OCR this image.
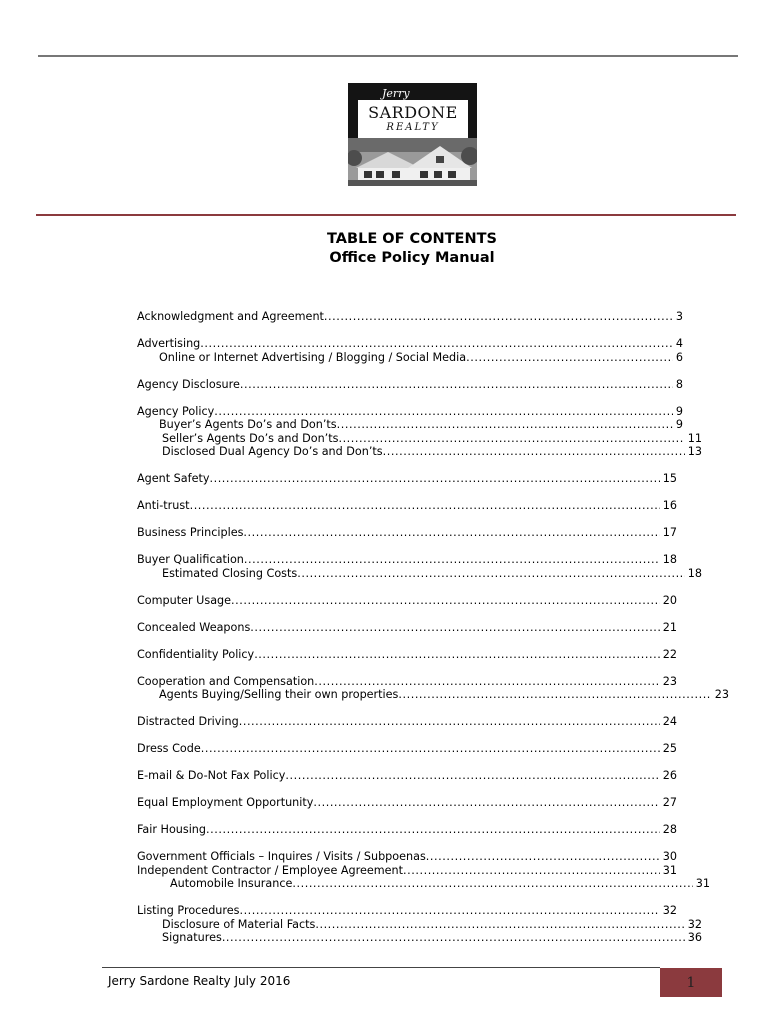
Jerry
SARDONE
REALTY
TABLE OF CONTENTS
Office Policy Manual
Acknowledgment and Agreement . . .	3
Advertising . . .	4
Online or Internet Advertising / Blogging / Social Media . . .	6
Agency Disclosure . . .	8
Agency Policy . . .	9
Buyer’s Agents Do’s and Don’ts . . .	9
Seller’s Agents Do’s and Don’ts . . .	11
Disclosed Dual Agency Do’s and Don’ts . . .	13
Agent Safety . . .	15
Anti-trust . . .	16
Business Principles . . .	17
Buyer Qualification . . .	18
Estimated Closing Costs . . .	18
Computer Usage . . .	20
Concealed Weapons . . .	21
Confidentiality Policy . . .	22
Cooperation and Compensation . . .	23
Agents Buying/Selling their own properties . . .	23
Distracted Driving . . .	24
Dress Code . . .	25
E-mail & Do-Not Fax Policy . . .	26
Equal Employment Opportunity . . .	27
Fair Housing . . .	28
Government Officials – Inquires / Visits / Subpoenas . . .	30
Independent Contractor / Employee Agreement . . .	31
Automobile Insurance . . .	31
Listing Procedures . . .	32
Disclosure of Material Facts . . .	32
Signatures . . .	36
Jerry Sardone Realty July 2016	1
